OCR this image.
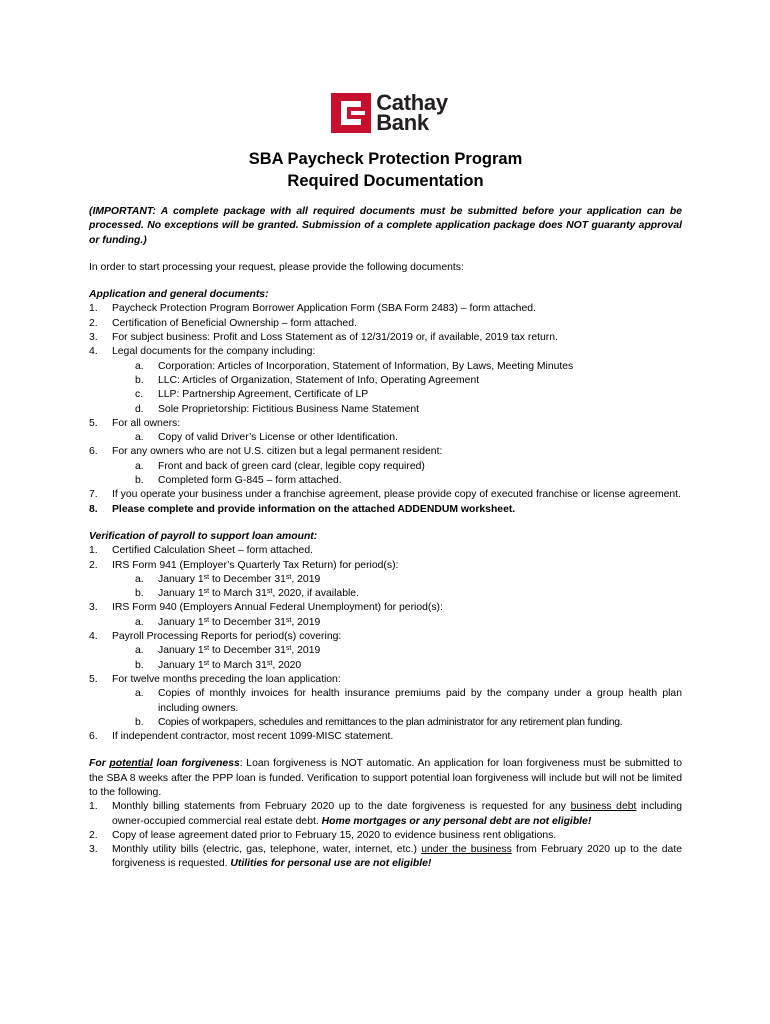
Cathay
Bank
SBA Paycheck Protection Program
Required Documentation
(IMPORTANT: A complete package with all required documents must be submitted before your application can be processed. No exceptions will be granted. Submission of a complete application package does NOT guaranty approval or funding.)
In order to start processing your request, please provide the following documents:
Application and general documents:
1.	Paycheck Protection Program Borrower Application Form (SBA Form 2483) – form attached.
2.	Certification of Beneficial Ownership – form attached.
3.	For subject business: Profit and Loss Statement as of 12/31/2019 or, if available, 2019 tax return.
4.	Legal documents for the company including:
a.	Corporation: Articles of Incorporation, Statement of Information, By Laws, Meeting Minutes
b.	LLC: Articles of Organization, Statement of Info, Operating Agreement
c.	LLP: Partnership Agreement, Certificate of LP
d.	Sole Proprietorship: Fictitious Business Name Statement
5.	For all owners:
a.	Copy of valid Driver’s License or other Identification.
6.	For any owners who are not U.S. citizen but a legal permanent resident:
a.	Front and back of green card (clear, legible copy required)
b.	Completed form G-845 – form attached.
7.	If you operate your business under a franchise agreement, please provide copy of executed franchise or license agreement.
8.	Please complete and provide information on the attached ADDENDUM worksheet.
Verification of payroll to support loan amount:
1.	Certified Calculation Sheet – form attached.
2.	IRS Form 941 (Employer’s Quarterly Tax Return) for period(s):
a.	January 1st to December 31st, 2019
b.	January 1st to March 31st, 2020, if available.
3.	IRS Form 940 (Employers Annual Federal Unemployment) for period(s):
a.	January 1st to December 31st, 2019
4.	Payroll Processing Reports for period(s) covering:
a.	January 1st to December 31st, 2019
b.	January 1st to March 31st, 2020
5.	For twelve months preceding the loan application:
a.	Copies of monthly invoices for health insurance premiums paid by the company under a group health plan including owners.
b.	Copies of workpapers, schedules and remittances to the plan administrator for any retirement plan funding.
6.	If independent contractor, most recent 1099-MISC statement.
For potential loan forgiveness: Loan forgiveness is NOT automatic. An application for loan forgiveness must be submitted to the SBA 8 weeks after the PPP loan is funded. Verification to support potential loan forgiveness will include but will not be limited to the following.
1.	Monthly billing statements from February 2020 up to the date forgiveness is requested for any business debt including owner-occupied commercial real estate debt. Home mortgages or any personal debt are not eligible!
2.	Copy of lease agreement dated prior to February 15, 2020 to evidence business rent obligations.
3.	Monthly utility bills (electric, gas, telephone, water, internet, etc.) under the business from February 2020 up to the date forgiveness is requested. Utilities for personal use are not eligible!
